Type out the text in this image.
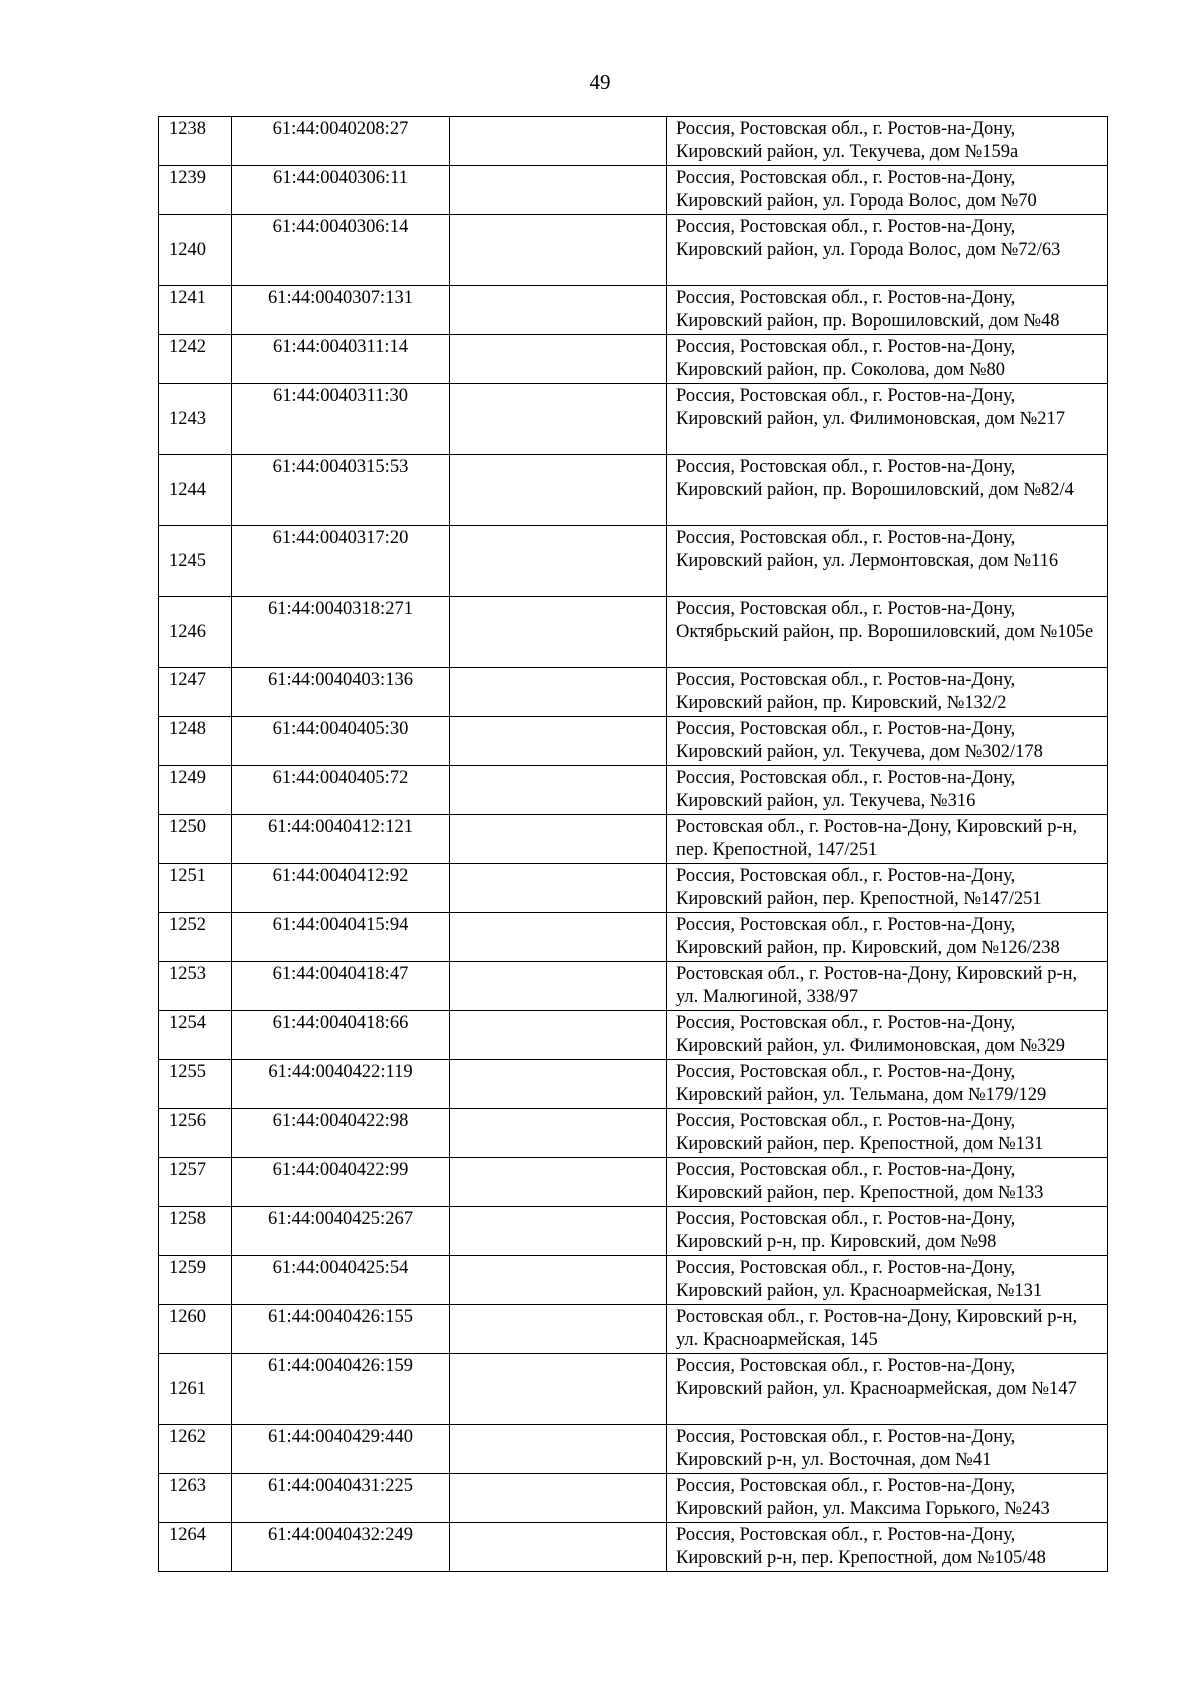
49
1238	61:44:0040208:27		Россия, Ростовская обл., г. Ростов-на-Дону, Кировский район, ул. Текучева, дом №159а
1239	61:44:0040306:11		Россия, Ростовская обл., г. Ростов-на-Дону, Кировский район, ул. Города Волос, дом №70
1240	61:44:0040306:14		Россия, Ростовская обл., г. Ростов-на-Дону, Кировский район, ул. Города Волос, дом №72/63
1241	61:44:0040307:131		Россия, Ростовская обл., г. Ростов-на-Дону, Кировский район, пр. Ворошиловский, дом №48
1242	61:44:0040311:14		Россия, Ростовская обл., г. Ростов-на-Дону, Кировский район, пр. Соколова, дом №80
1243	61:44:0040311:30		Россия, Ростовская обл., г. Ростов-на-Дону, Кировский район, ул. Филимоновская, дом №217
1244	61:44:0040315:53		Россия, Ростовская обл., г. Ростов-на-Дону, Кировский район, пр. Ворошиловский, дом №82/4
1245	61:44:0040317:20		Россия, Ростовская обл., г. Ростов-на-Дону, Кировский район, ул. Лермонтовская, дом №116
1246	61:44:0040318:271		Россия, Ростовская обл., г. Ростов-на-Дону, Октябрьский район, пр. Ворошиловский, дом №105е
1247	61:44:0040403:136		Россия, Ростовская обл., г. Ростов-на-Дону, Кировский район, пр. Кировский, №132/2
1248	61:44:0040405:30		Россия, Ростовская обл., г. Ростов-на-Дону, Кировский район, ул. Текучева, дом №302/178
1249	61:44:0040405:72		Россия, Ростовская обл., г. Ростов-на-Дону, Кировский район, ул. Текучева, №316
1250	61:44:0040412:121		Ростовская обл., г. Ростов-на-Дону, Кировский р-н, пер. Крепостной, 147/251
1251	61:44:0040412:92		Россия, Ростовская обл., г. Ростов-на-Дону, Кировский район, пер. Крепостной, №147/251
1252	61:44:0040415:94		Россия, Ростовская обл., г. Ростов-на-Дону, Кировский район, пр. Кировский, дом №126/238
1253	61:44:0040418:47		Ростовская обл., г. Ростов-на-Дону, Кировский р-н, ул. Малюгиной, 338/97
1254	61:44:0040418:66		Россия, Ростовская обл., г. Ростов-на-Дону, Кировский район, ул. Филимоновская, дом №329
1255	61:44:0040422:119		Россия, Ростовская обл., г. Ростов-на-Дону, Кировский район, ул. Тельмана, дом №179/129
1256	61:44:0040422:98		Россия, Ростовская обл., г. Ростов-на-Дону, Кировский район, пер. Крепостной, дом №131
1257	61:44:0040422:99		Россия, Ростовская обл., г. Ростов-на-Дону, Кировский район, пер. Крепостной, дом №133
1258	61:44:0040425:267		Россия, Ростовская обл., г. Ростов-на-Дону, Кировский р-н, пр. Кировский, дом №98
1259	61:44:0040425:54		Россия, Ростовская обл., г. Ростов-на-Дону, Кировский район, ул. Красноармейская, №131
1260	61:44:0040426:155		Ростовская обл., г. Ростов-на-Дону, Кировский р-н, ул. Красноармейская, 145
1261	61:44:0040426:159		Россия, Ростовская обл., г. Ростов-на-Дону, Кировский район, ул. Красноармейская, дом №147
1262	61:44:0040429:440		Россия, Ростовская обл., г. Ростов-на-Дону, Кировский р-н, ул. Восточная, дом №41
1263	61:44:0040431:225		Россия, Ростовская обл., г. Ростов-на-Дону, Кировский район, ул. Максима Горького, №243
1264	61:44:0040432:249		Россия, Ростовская обл., г. Ростов-на-Дону, Кировский р-н, пер. Крепостной, дом №105/48
